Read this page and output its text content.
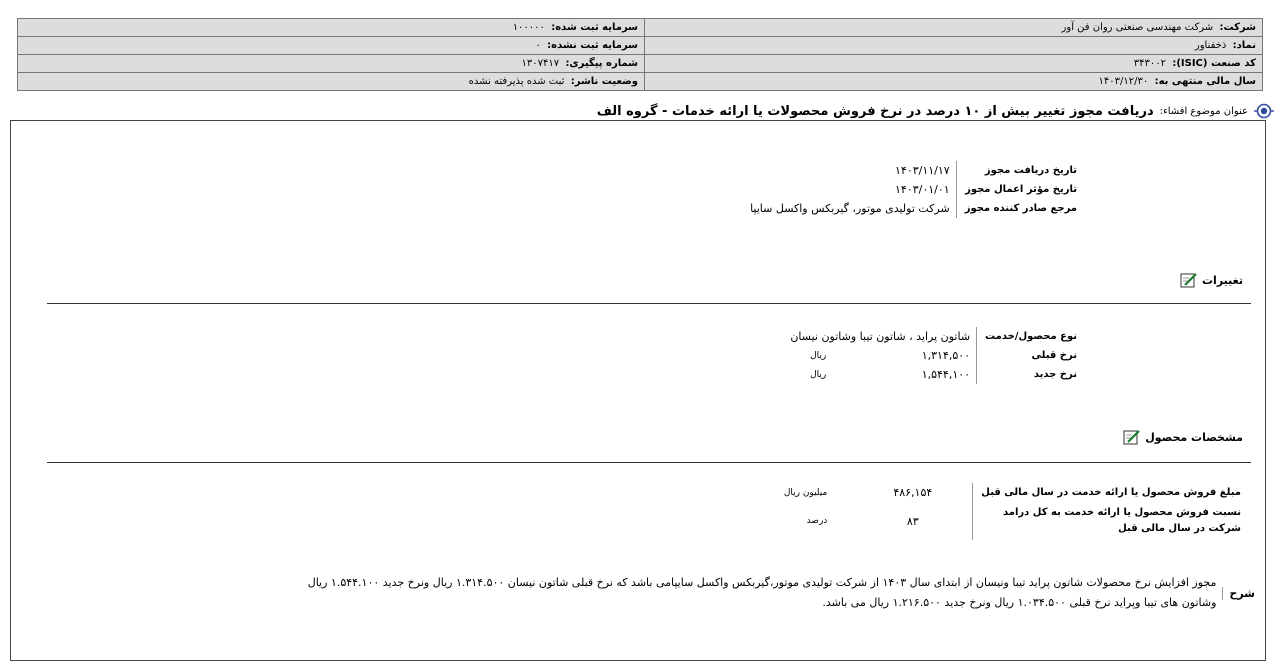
شرکت:  شرکت مهندسی صنعتی روان فن آور	سرمایه ثبت شده:  ۱۰۰۰۰۰
نماد:  ذخفناور	سرمایه ثبت نشده:  ۰
کد صنعت (ISIC):  ۳۴۳۰۰۲	شماره پیگیری:  ۱۳۰۷۴۱۷
سال مالی منتهی به:  ۱۴۰۳/۱۲/۳۰	وضعیت ناشر:  ثبت شده پذیرفته نشده
عنوان موضوع افشاء:
دریافت مجوز تغییر بیش از ۱۰ درصد در نرخ فروش محصولات یا ارائه خدمات - گروه الف
تاریخ دریافت مجوز	۱۴۰۳/۱۱/۱۷
تاریخ مؤثر اعمال مجوز	۱۴۰۳/۰۱/۰۱
مرجع صادر کننده مجوز	شرکت تولیدی موتور، گیربکس واکسل سایپا
تغییرات
نوع محصول/خدمت	شاتون پراید ، شاتون تیبا وشاتون نیسان	
نرخ قبلی	۱,۳۱۴,۵۰۰	ریال
نرخ جدید	۱,۵۴۴,۱۰۰	ریال
مشخصات محصول
مبلغ فروش محصول یا ارائه خدمت در سال مالی قبل	۴۸۶,۱۵۴	میلیون ریال
نسبت فروش محصول یا ارائه خدمت به کل درامد
شرکت در سال مالی قبل	۸۳	درصد
شرح
مجوز افزایش نرخ محصولات شاتون پراید تیبا ونیسان از ابتدای سال ۱۴۰۳ از شرکت تولیدی موتور،گیربکس واکسل سایپامی باشد که نرخ قبلی شاتون نیسان ۱.۳۱۴.۵۰۰ ریال ونرخ جدید ۱.۵۴۴.۱۰۰ ریال
وشاتون های تیبا وپراید نرخ قبلی ۱.۰۳۴.۵۰۰ ریال ونرخ جدید ۱.۲۱۶.۵۰۰ ریال می باشد.
